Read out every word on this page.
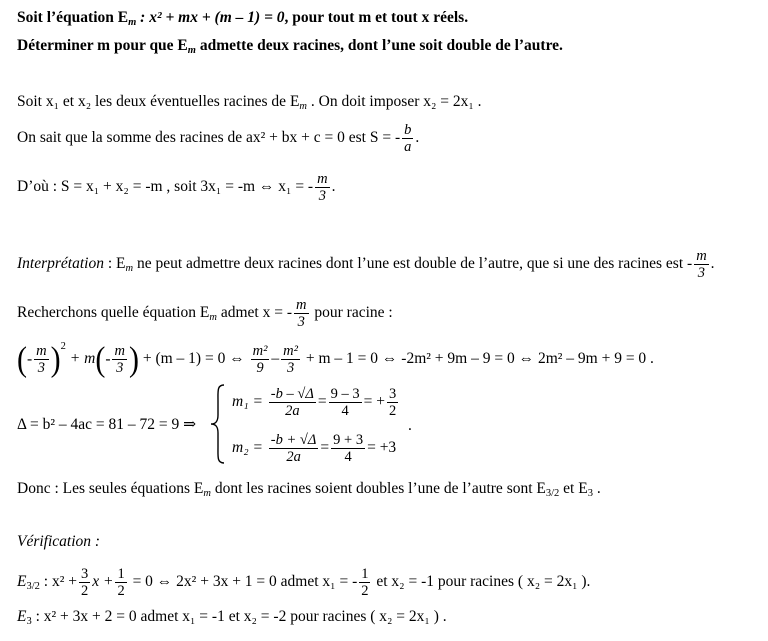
Soit l’équation $E_m$ : x² + mx + (m – 1) = 0, pour tout m et tout x réels.
Déterminer m pour que $E_m$ admette deux racines, dont l’une soit double de l’autre.
Soit x₁ et x₂ les deux éventuelles racines de $E_m$ . On doit imposer x₂ = 2x₁ .
On sait que la somme des racines de ax² + bx + c = 0 est S = - $\frac{b}{a}$ .
D’où : S = x₁ + x₂ = -m , soit 3x₁ = -m ⇔ x₁ = - $\frac{m}{3}$ .
Interprétation : $E_m$ ne peut admettre deux racines dont l’une est double de l’autre, que si une des racines est - $\frac{m}{3}$ .
Recherchons quelle équation $E_m$ admet x = - $\frac{m}{3}$ pour racine :
(- $\frac{m}{3} )^2 + m(- \frac{m}{3}$ ) + (m – 1) = 0 ⇔ $\frac{\text{m²}}{9} - \frac{\text{m²}}{3} + m - 1 = 0$ ⇔ -2m² + 9m – 9 = 0 ⇔ 2m² – 9m + 9 = 0 .
Δ = b² – 4ac = 81 – 72 = 9 ⇒
$m_1 = \frac{-b - √\Delta}{2a} = \frac{9 - 3}{4}$ = + $\frac{3}{2}$
$m_2 = \frac{-b + √\Delta}{2a} = \frac{9 + 3}{4} = +3$
.
Donc : Les seules équations $E_m$ dont les racines soient doubles l’une de l’autre sont $E_{3/2}$ et $E_3$ .
Vérification :
$E_{3/2}$ : $x^2 + \frac{3}{2}$ $x + \frac{1}{2} = 0$ ⇔ 2x² + 3x + 1 = 0 admet x₁ = - $\frac{1}{2}$ et x₂ = -1 pour racines ( x₂ = 2x₁ ).
$E_3$ : x² + 3x + 2 = 0 admet x₁ = -1 et x₂ = -2 pour racines ( x₂ = 2x₁ ) .
